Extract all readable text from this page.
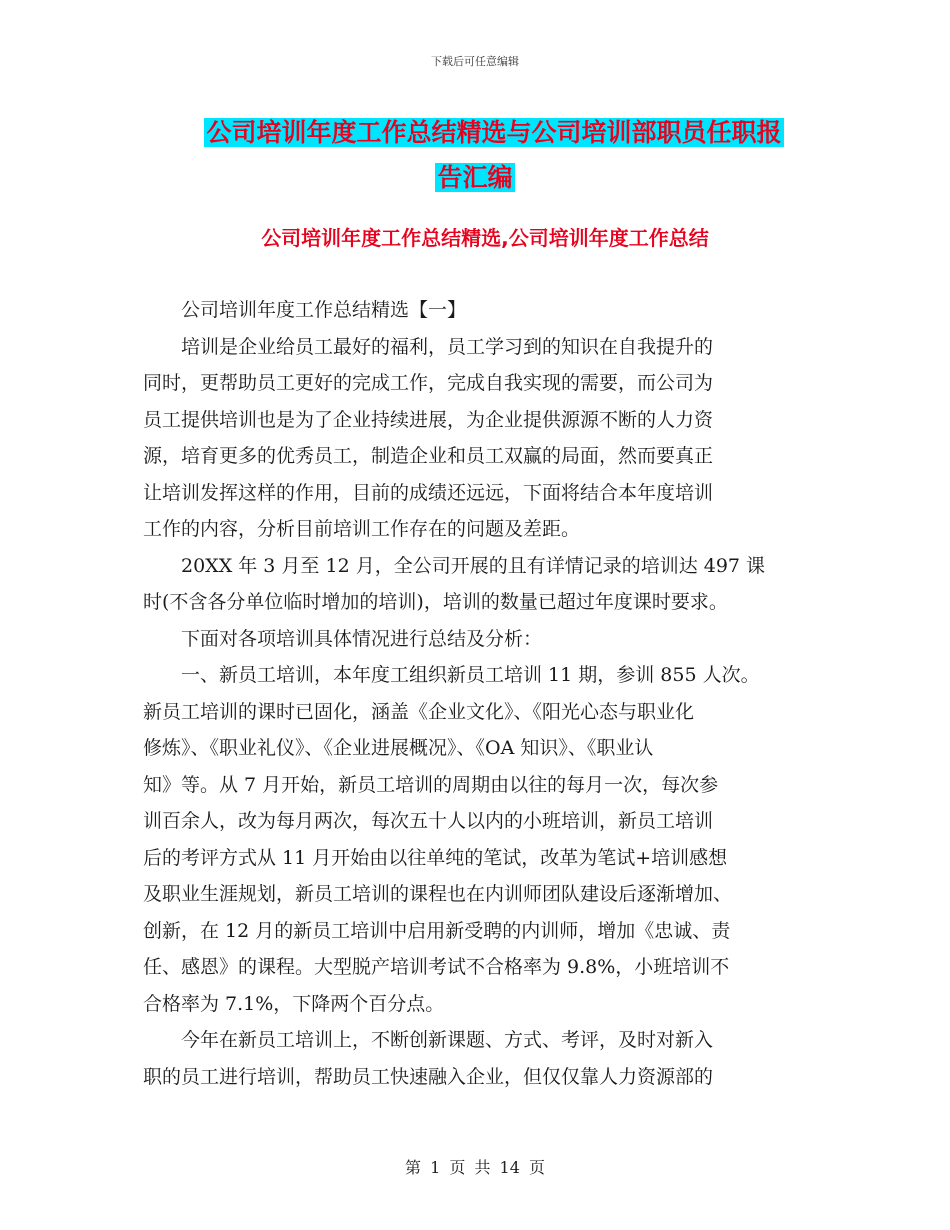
下载后可任意编辑
公司培训年度工作总结精选与公司培训部职员任职报
告汇编
公司培训年度工作总结精选,公司培训年度工作总结

　　公司培训年度工作总结精选【一】

　　培训是企业给员工最好的福利，员工学习到的知识在自我提升的

同时，更帮助员工更好的完成工作，完成自我实现的需要，而公司为

员工提供培训也是为了企业持续进展，为企业提供源源不断的人力资

源，培育更多的优秀员工，制造企业和员工双赢的局面，然而要真正

让培训发挥这样的作用，目前的成绩还远远，下面将结合本年度培训

工作的内容，分析目前培训工作存在的问题及差距。

　　20XX 年 3 月至 12 月，全公司开展的且有详情记录的培训达 497 课

时(不含各分单位临时增加的培训)，培训的数量已超过年度课时要求。

　　下面对各项培训具体情况进行总结及分析：

　　一、新员工培训，本年度工组织新员工培训 11 期，参训 855 人次。

新员工培训的课时已固化，涵盖《企业文化》、《阳光心态与职业化

修炼》、《职业礼仪》、《企业进展概况》、《OA 知识》、《职业认

知》等。从 7 月开始，新员工培训的周期由以往的每月一次，每次参

训百余人，改为每月两次，每次五十人以内的小班培训，新员工培训

后的考评方式从 11 月开始由以往单纯的笔试，改革为笔试+培训感想

及职业生涯规划，新员工培训的课程也在内训师团队建设后逐渐增加、

创新，在 12 月的新员工培训中启用新受聘的内训师，增加《忠诚、责

任、感恩》的课程。大型脱产培训考试不合格率为 9.8%，小班培训不

合格率为 7.1%，下降两个百分点。

　　今年在新员工培训上，不断创新课题、方式、考评，及时对新入

职的员工进行培训，帮助员工快速融入企业，但仅仅靠人力资源部的

第 1 页 共 14 页
